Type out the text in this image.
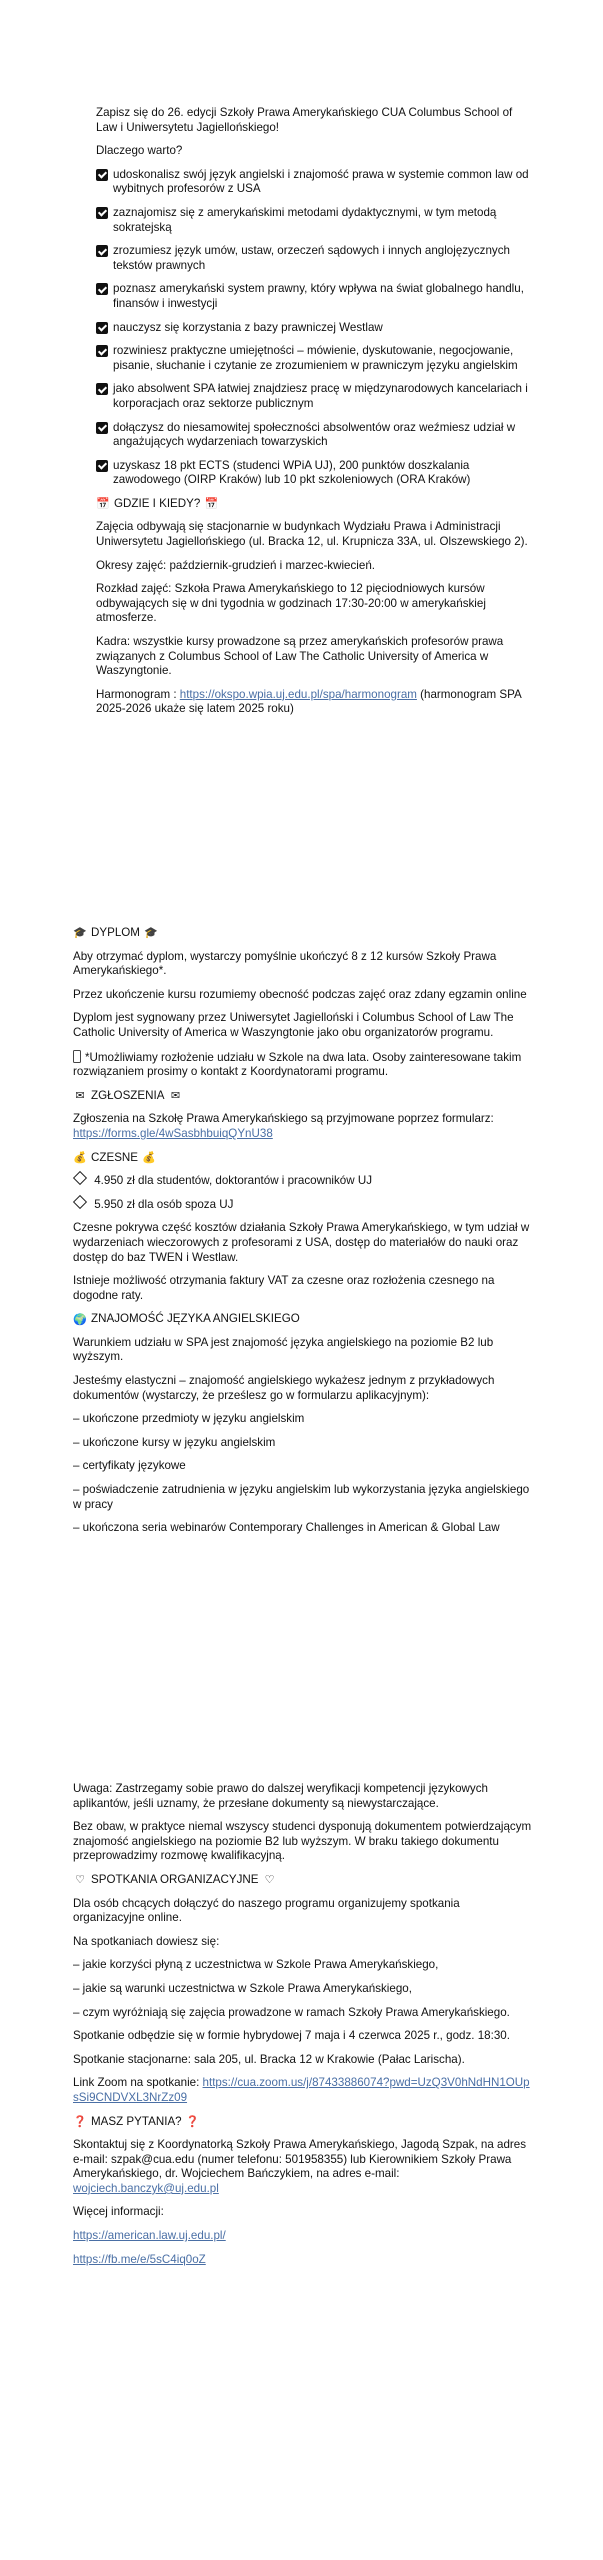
Zapisz się do 26. edycji Szkoły Prawa Amerykańskiego CUA Columbus School of Law i Uniwersytetu Jagiellońskiego!

Dlaczego warto?

udoskonalisz swój język angielski i znajomość prawa w systemie common law od wybitnych profesorów z USA
zaznajomisz się z amerykańskimi metodami dydaktycznymi, w tym metodą sokratejską
zrozumiesz język umów, ustaw, orzeczeń sądowych i innych anglojęzycznych tekstów prawnych
poznasz amerykański system prawny, który wpływa na świat globalnego handlu, finansów i inwestycji
nauczysz się korzystania z bazy prawniczej Westlaw
rozwiniesz praktyczne umiejętności – mówienie, dyskutowanie, negocjowanie, pisanie, słuchanie i czytanie ze zrozumieniem w prawniczym języku angielskim
jako absolwent SPA łatwiej znajdziesz pracę w międzynarodowych kancelariach i korporacjach oraz sektorze publicznym
dołączysz do niesamowitej społeczności absolwentów oraz weźmiesz udział w angażujących wydarzeniach towarzyskich
uzyskasz 18 pkt ECTS (studenci WPiA UJ), 200 punktów doszkalania zawodowego (OIRP Kraków) lub 10 pkt szkoleniowych (ORA Kraków)
📅 GDZIE I KIEDY? 📅

Zajęcia odbywają się stacjonarnie w budynkach Wydziału Prawa i Administracji Uniwersytetu Jagiellońskiego (ul. Bracka 12, ul. Krupnicza 33A, ul. Olszewskiego 2).

Okresy zajęć: październik-grudzień i marzec-kwiecień.

Rozkład zajęć: Szkoła Prawa Amerykańskiego to 12 pięciodniowych kursów odbywających się w dni tygodnia w godzinach 17:30-20:00 w amerykańskiej atmosferze.

Kadra: wszystkie kursy prowadzone są przez amerykańskich profesorów prawa związanych z Columbus School of Law The Catholic University of America w Waszyngtonie.

Harmonogram : https://okspo.wpia.uj.edu.pl/spa/harmonogram (harmonogram SPA 2025-2026 ukaże się latem 2025 roku)

🎓 DYPLOM 🎓

Aby otrzymać dyplom, wystarczy pomyślnie ukończyć 8 z 12 kursów Szkoły Prawa Amerykańskiego*.

Przez ukończenie kursu rozumiemy obecność podczas zajęć oraz zdany egzamin online

Dyplom jest sygnowany przez Uniwersytet Jagielloński i Columbus School of Law The Catholic University of America w Waszyngtonie jako obu organizatorów programu.

*Umożliwiamy rozłożenie udziału w Szkole na dwa lata. Osoby zainteresowane takim rozwiązaniem prosimy o kontakt z Koordynatorami programu.

✉ ZGŁOSZENIA ✉

Zgłoszenia na Szkołę Prawa Amerykańskiego są przyjmowane poprzez formularz: https://forms.gle/4wSasbhbuiqQYnU38

💰 CZESNE 💰

4.950 zł dla studentów, doktorantów i pracowników UJ

5.950 zł dla osób spoza UJ

Czesne pokrywa część kosztów działania Szkoły Prawa Amerykańskiego, w tym udział w wydarzeniach wieczorowych z profesorami z USA, dostęp do materiałów do nauki oraz dostęp do baz TWEN i Westlaw.

Istnieje możliwość otrzymania faktury VAT za czesne oraz rozłożenia czesnego na dogodne raty.

🌍 ZNAJOMOŚĆ JĘZYKA ANGIELSKIEGO

Warunkiem udziału w SPA jest znajomość języka angielskiego na poziomie B2 lub wyższym.

Jesteśmy elastyczni – znajomość angielskiego wykażesz jednym z przykładowych dokumentów (wystarczy, że prześlesz go w formularzu aplikacyjnym):

– ukończone przedmioty w języku angielskim

– ukończone kursy w języku angielskim

– certyfikaty językowe

– poświadczenie zatrudnienia w języku angielskim lub wykorzystania języka angielskiego w pracy

– ukończona seria webinarów Contemporary Challenges in American & Global Law

Uwaga: Zastrzegamy sobie prawo do dalszej weryfikacji kompetencji językowych aplikantów, jeśli uznamy, że przesłane dokumenty są niewystarczające.

Bez obaw, w praktyce niemal wszyscy studenci dysponują dokumentem potwierdzającym znajomość angielskiego na poziomie B2 lub wyższym. W braku takiego dokumentu przeprowadzimy rozmowę kwalifikacyjną.

♡ SPOTKANIA ORGANIZACYJNE ♡

Dla osób chcących dołączyć do naszego programu organizujemy spotkania organizacyjne online.

Na spotkaniach dowiesz się:

– jakie korzyści płyną z uczestnictwa w Szkole Prawa Amerykańskiego,

– jakie są warunki uczestnictwa w Szkole Prawa Amerykańskiego,

– czym wyróżniają się zajęcia prowadzone w ramach Szkoły Prawa Amerykańskiego.

Spotkanie odbędzie się w formie hybrydowej 7 maja i 4 czerwca 2025 r., godz. 18:30.

Spotkanie stacjonarne: sala 205, ul. Bracka 12 w Krakowie (Pałac Larischa).

Link Zoom na spotkanie: https://cua.zoom.us/j/87433886074?pwd=UzQ3V0hNdHN1OUpsSi9CNDVXL3NrZz09

❓ MASZ PYTANIA? ❓

Skontaktuj się z Koordynatorką Szkoły Prawa Amerykańskiego, Jagodą Szpak, na adres e-mail: szpak@cua.edu (numer telefonu: 501958355) lub Kierownikiem Szkoły Prawa Amerykańskiego, dr. Wojciechem Bańczykiem, na adres e-mail: wojciech.banczyk@uj.edu.pl

Więcej informacji:

https://american.law.uj.edu.pl/

https://fb.me/e/5sC4iq0oZ
